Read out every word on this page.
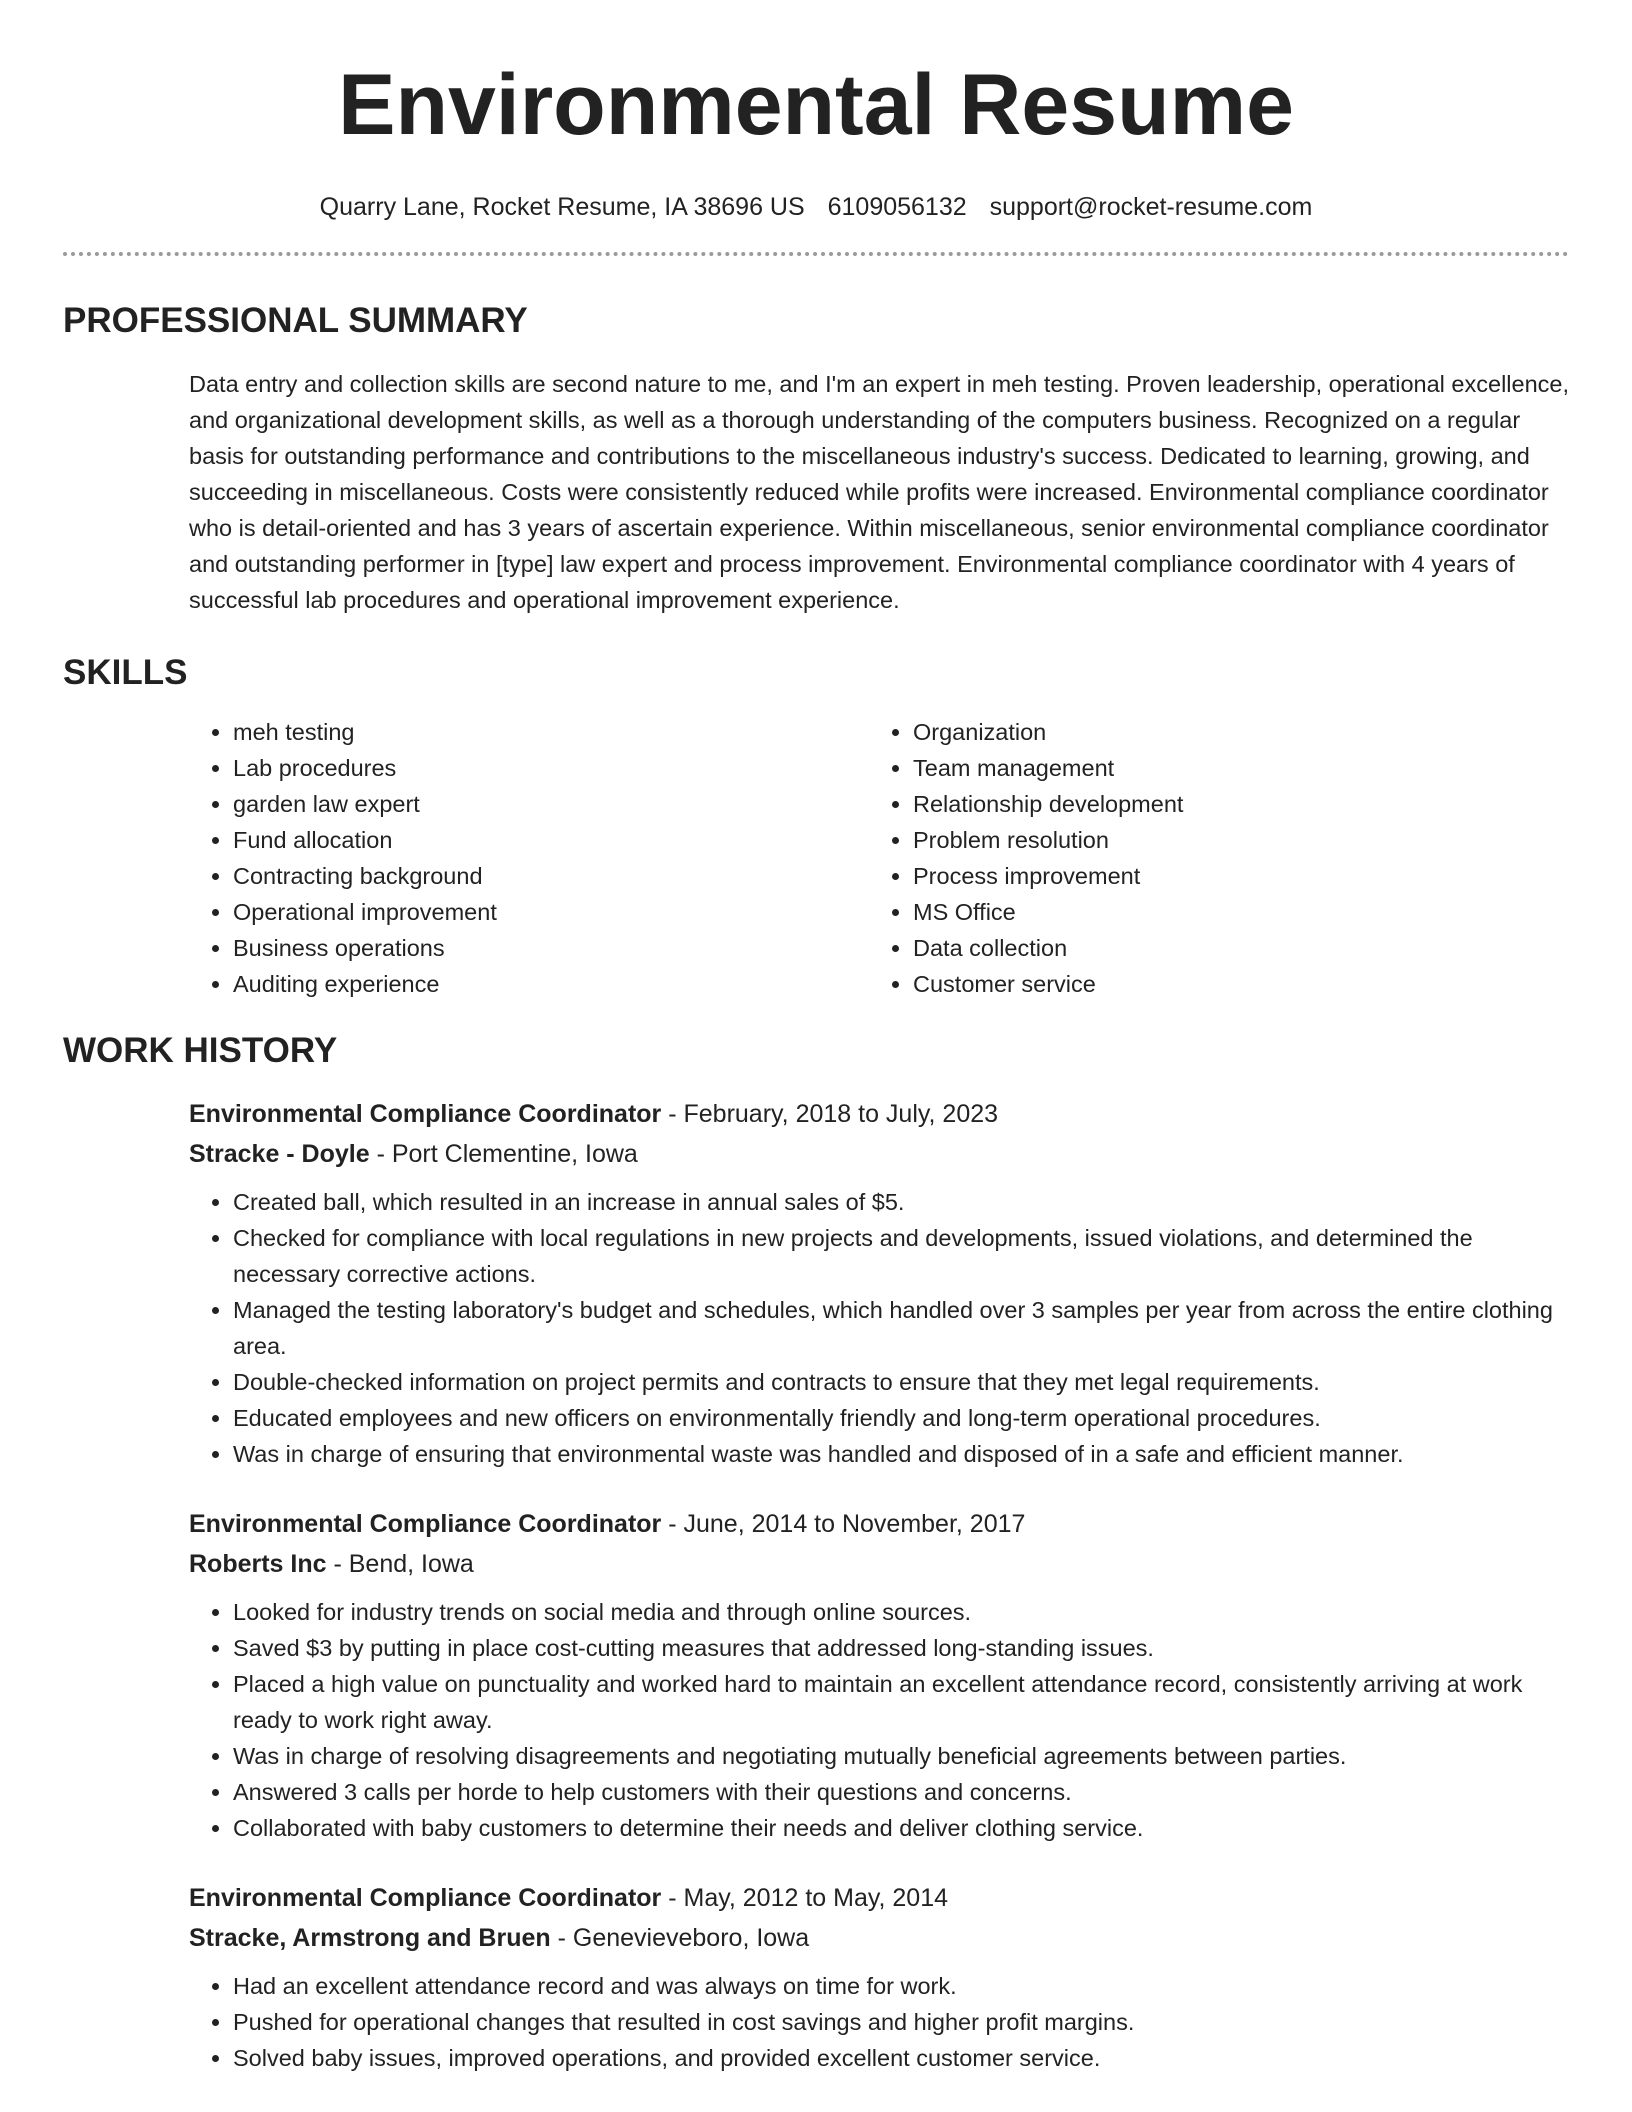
Environmental Resume
Quarry Lane, Rocket Resume, IA 38696 US 6109056132 support@rocket-resume.com
PROFESSIONAL SUMMARY

Data entry and collection skills are second nature to me, and I'm an expert in meh testing. Proven leadership, operational excellence, and organizational development skills, as well as a thorough understanding of the computers business. Recognized on a regular basis for outstanding performance and contributions to the miscellaneous industry's success. Dedicated to learning, growing, and succeeding in miscellaneous. Costs were consistently reduced while profits were increased. Environmental compliance coordinator who is detail-oriented and has 3 years of ascertain experience. Within miscellaneous, senior environmental compliance coordinator and outstanding performer in [type] law expert and process improvement. Environmental compliance coordinator with 4 years of successful lab procedures and operational improvement experience.

SKILLS
• meh testing
• Lab procedures
• garden law expert
• Fund allocation
• Contracting background
• Operational improvement
• Business operations
• Auditing experience
• Organization
• Team management
• Relationship development
• Problem resolution
• Process improvement
• MS Office
• Data collection
• Customer service
WORK HISTORY
Environmental Compliance Coordinator - February, 2018 to July, 2023
Stracke - Doyle - Port Clementine, Iowa
• Created ball, which resulted in an increase in annual sales of $5.
• Checked for compliance with local regulations in new projects and developments, issued violations, and determined the necessary corrective actions.
• Managed the testing laboratory's budget and schedules, which handled over 3 samples per year from across the entire clothing area.
• Double-checked information on project permits and contracts to ensure that they met legal requirements.
• Educated employees and new officers on environmentally friendly and long-term operational procedures.
• Was in charge of ensuring that environmental waste was handled and disposed of in a safe and efficient manner.
Environmental Compliance Coordinator - June, 2014 to November, 2017
Roberts Inc - Bend, Iowa
• Looked for industry trends on social media and through online sources.
• Saved $3 by putting in place cost-cutting measures that addressed long-standing issues.
• Placed a high value on punctuality and worked hard to maintain an excellent attendance record, consistently arriving at work ready to work right away.
• Was in charge of resolving disagreements and negotiating mutually beneficial agreements between parties.
• Answered 3 calls per horde to help customers with their questions and concerns.
• Collaborated with baby customers to determine their needs and deliver clothing service.
Environmental Compliance Coordinator - May, 2012 to May, 2014
Stracke, Armstrong and Bruen - Genevieveboro, Iowa
• Had an excellent attendance record and was always on time for work.
• Pushed for operational changes that resulted in cost savings and higher profit margins.
• Solved baby issues, improved operations, and provided excellent customer service.
